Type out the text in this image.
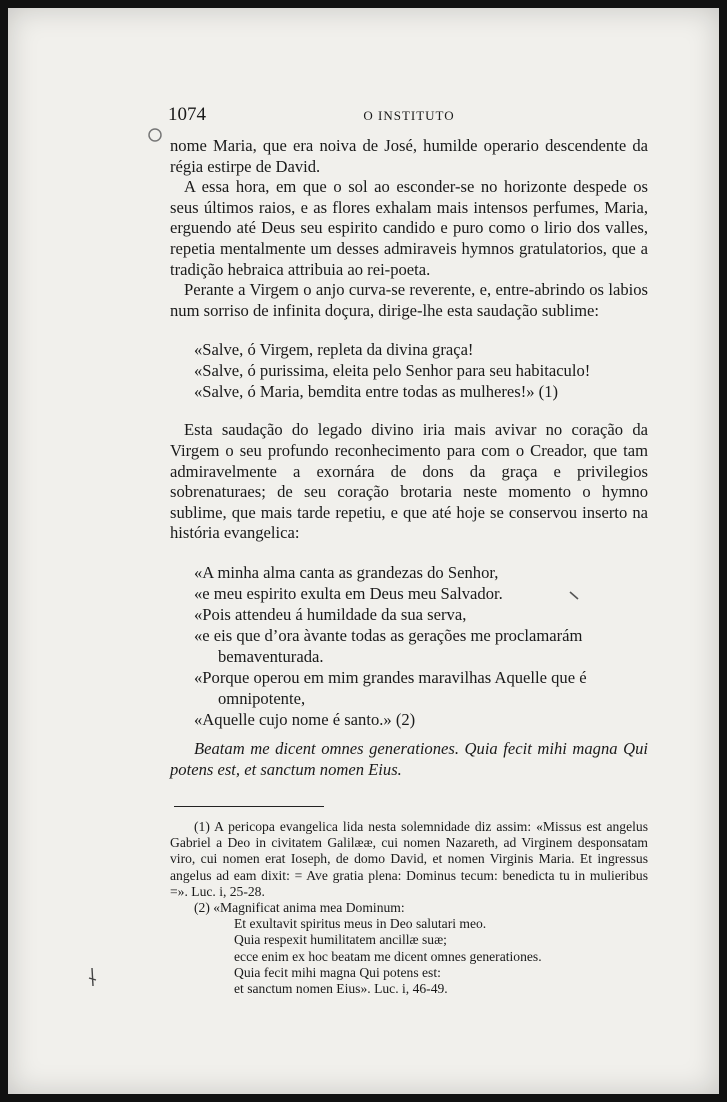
1074	O INSTITUTO

nome Maria, que era noiva de José, humilde operario descendente da régia estirpe de David.

A essa hora, em que o sol ao esconder-se no horizonte despede os seus últimos raios, e as flores exhalam mais intensos perfumes, Maria, erguendo até Deus seu espirito candido e puro como o lirio dos valles, repetia mentalmente um desses admiraveis hymnos gratulatorios, que a tradição hebraica attribuia ao rei-poeta.

Perante a Virgem o anjo curva-se reverente, e, entre-abrindo os labios num sorriso de infinita doçura, dirige-lhe esta saudação sublime:

«Salve, ó Virgem, repleta da divina graça!
«Salve, ó purissima, eleita pelo Senhor para seu habitaculo!
«Salve, ó Maria, bemdita entre todas as mulheres!» (1)

Esta saudação do legado divino iria mais avivar no coração da Virgem o seu profundo reconhecimento para com o Creador, que tam admiravelmente a exornára de dons da graça e privilegios sobrenaturaes; de seu coração brotaria neste momento o hymno sublime, que mais tarde repetiu, e que até hoje se conservou inserto na história evangelica:

«A minha alma canta as grandezas do Senhor,
«e meu espirito exulta em Deus meu Salvador.
«Pois attendeu á humildade da sua serva,
«e eis que d’ora àvante todas as gerações me proclamarám bemaventurada.
«Porque operou em mim grandes maravilhas Aquelle que é omnipotente,
«Aquelle cujo nome é santo.» (2)

Beatam me dicent omnes generationes. Quia fecit mihi magna Qui potens est, et sanctum nomen Eius.

(1) A pericopa evangelica lida nesta solemnidade diz assim: «Missus est angelus Gabriel a Deo in civitatem Galilææ, cui nomen Nazareth, ad Virginem desponsatam viro, cui nomen erat Ioseph, de domo David, et nomen Virginis Maria. Et ingressus angelus ad eam dixit: = Ave gratia plena: Dominus tecum: benedicta tu in mulieribus =». Luc. i, 25-28.

(2) «Magnificat anima mea Dominum:

Et exultavit spiritus meus in Deo salutari meo.
Quia respexit humilitatem ancillæ suæ;
ecce enim ex hoc beatam me dicent omnes generationes.
Quia fecit mihi magna Qui potens est:
et sanctum nomen Eius». Luc. i, 46-49.
